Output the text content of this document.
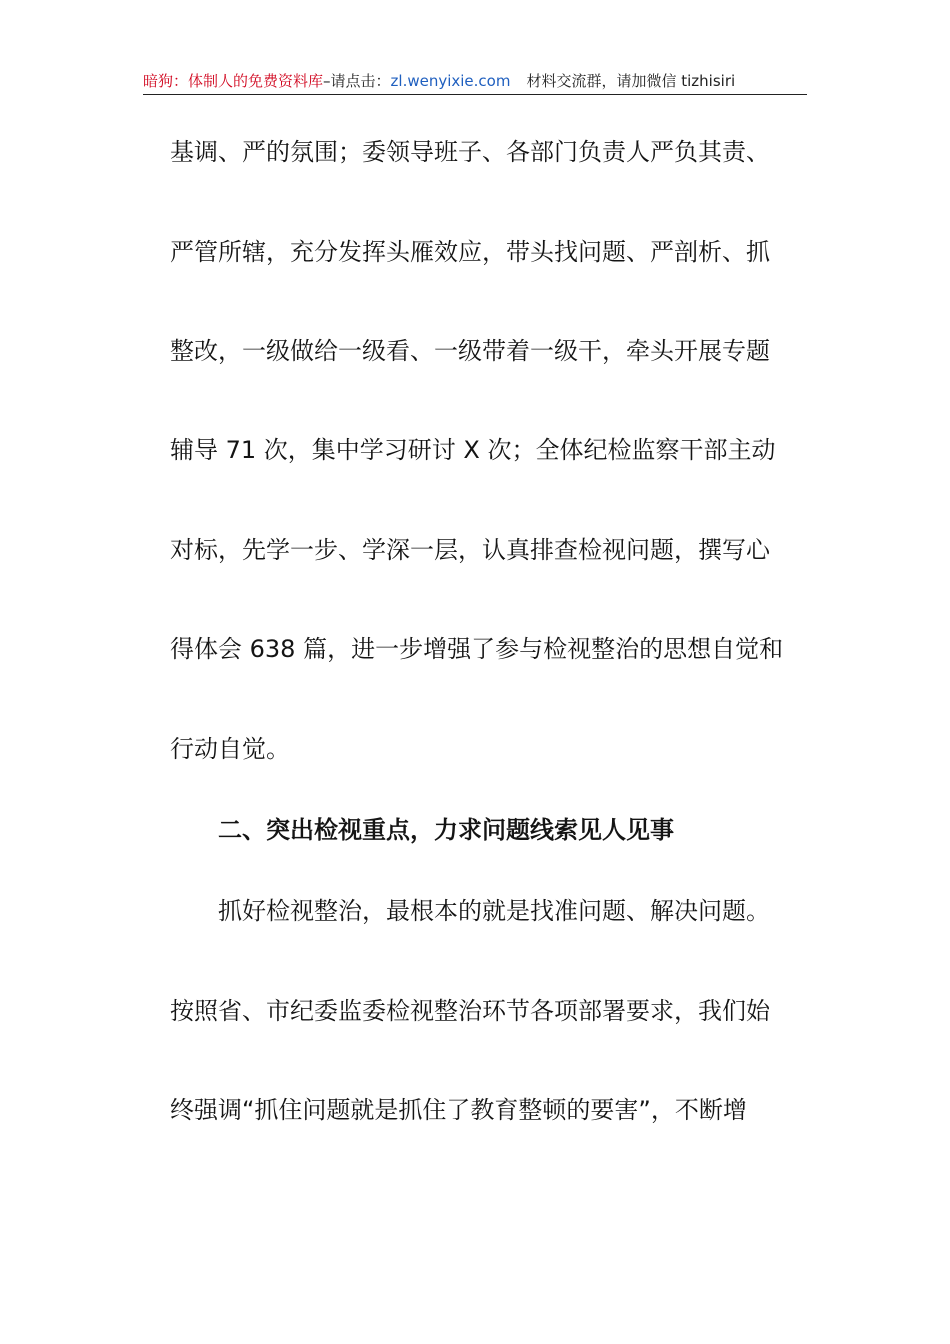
暗狗：体制人的免费资料库–请点击：zl.wenyixie.com 材料交流群，请加微信 tizhisiri
基调、严的氛围；委领导班子、各部门负责人严负其责、
严管所辖，充分发挥头雁效应，带头找问题、严剖析、抓
整改，一级做给一级看、一级带着一级干，牵头开展专题
辅导 71 次，集中学习研讨 X 次；全体纪检监察干部主动
对标，先学一步、学深一层，认真排查检视问题，撰写心
得体会 638 篇，进一步增强了参与检视整治的思想自觉和
行动自觉。
二、突出检视重点，力求问题线索见人见事
抓好检视整治，最根本的就是找准问题、解决问题。
按照省、市纪委监委检视整治环节各项部署要求，我们始
终强调“抓住问题就是抓住了教育整顿的要害”，不断增
